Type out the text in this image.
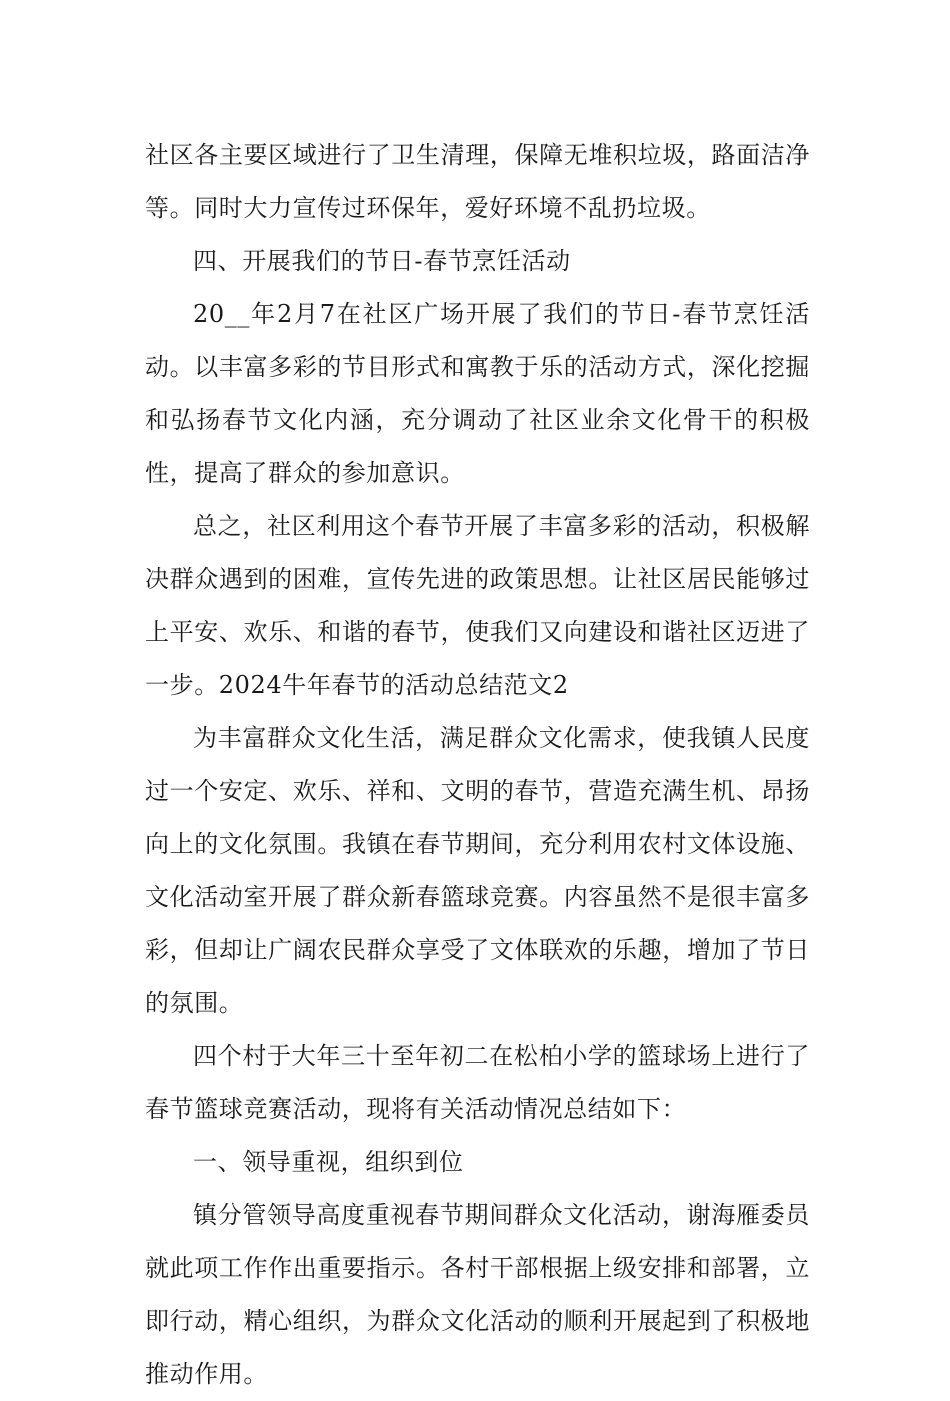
社区各主要区域进行了卫生清理，保障无堆积垃圾，路面洁净等。同时大力宣传过环保年，爱好环境不乱扔垃圾。

四、开展我们的节日-春节烹饪活动

20__年2月7在社区广场开展了我们的节日-春节烹饪活动。以丰富多彩的节目形式和寓教于乐的活动方式，深化挖掘和弘扬春节文化内涵，充分调动了社区业余文化骨干的积极性，提高了群众的参加意识。

总之，社区利用这个春节开展了丰富多彩的活动，积极解决群众遇到的困难，宣传先进的政策思想。让社区居民能够过上平安、欢乐、和谐的春节，使我们又向建设和谐社区迈进了一步。2024牛年春节的活动总结范文2

为丰富群众文化生活，满足群众文化需求，使我镇人民度过一个安定、欢乐、祥和、文明的春节，营造充满生机、昂扬向上的文化氛围。我镇在春节期间，充分利用农村文体设施、文化活动室开展了群众新春篮球竞赛。内容虽然不是很丰富多彩，但却让广阔农民群众享受了文体联欢的乐趣，增加了节日的氛围。

四个村于大年三十至年初二在松柏小学的篮球场上进行了春节篮球竞赛活动，现将有关活动情况总结如下：

一、领导重视，组织到位

镇分管领导高度重视春节期间群众文化活动，谢海雁委员就此项工作作出重要指示。各村干部根据上级安排和部署，立即行动，精心组织，为群众文化活动的顺利开展起到了积极地推动作用。
